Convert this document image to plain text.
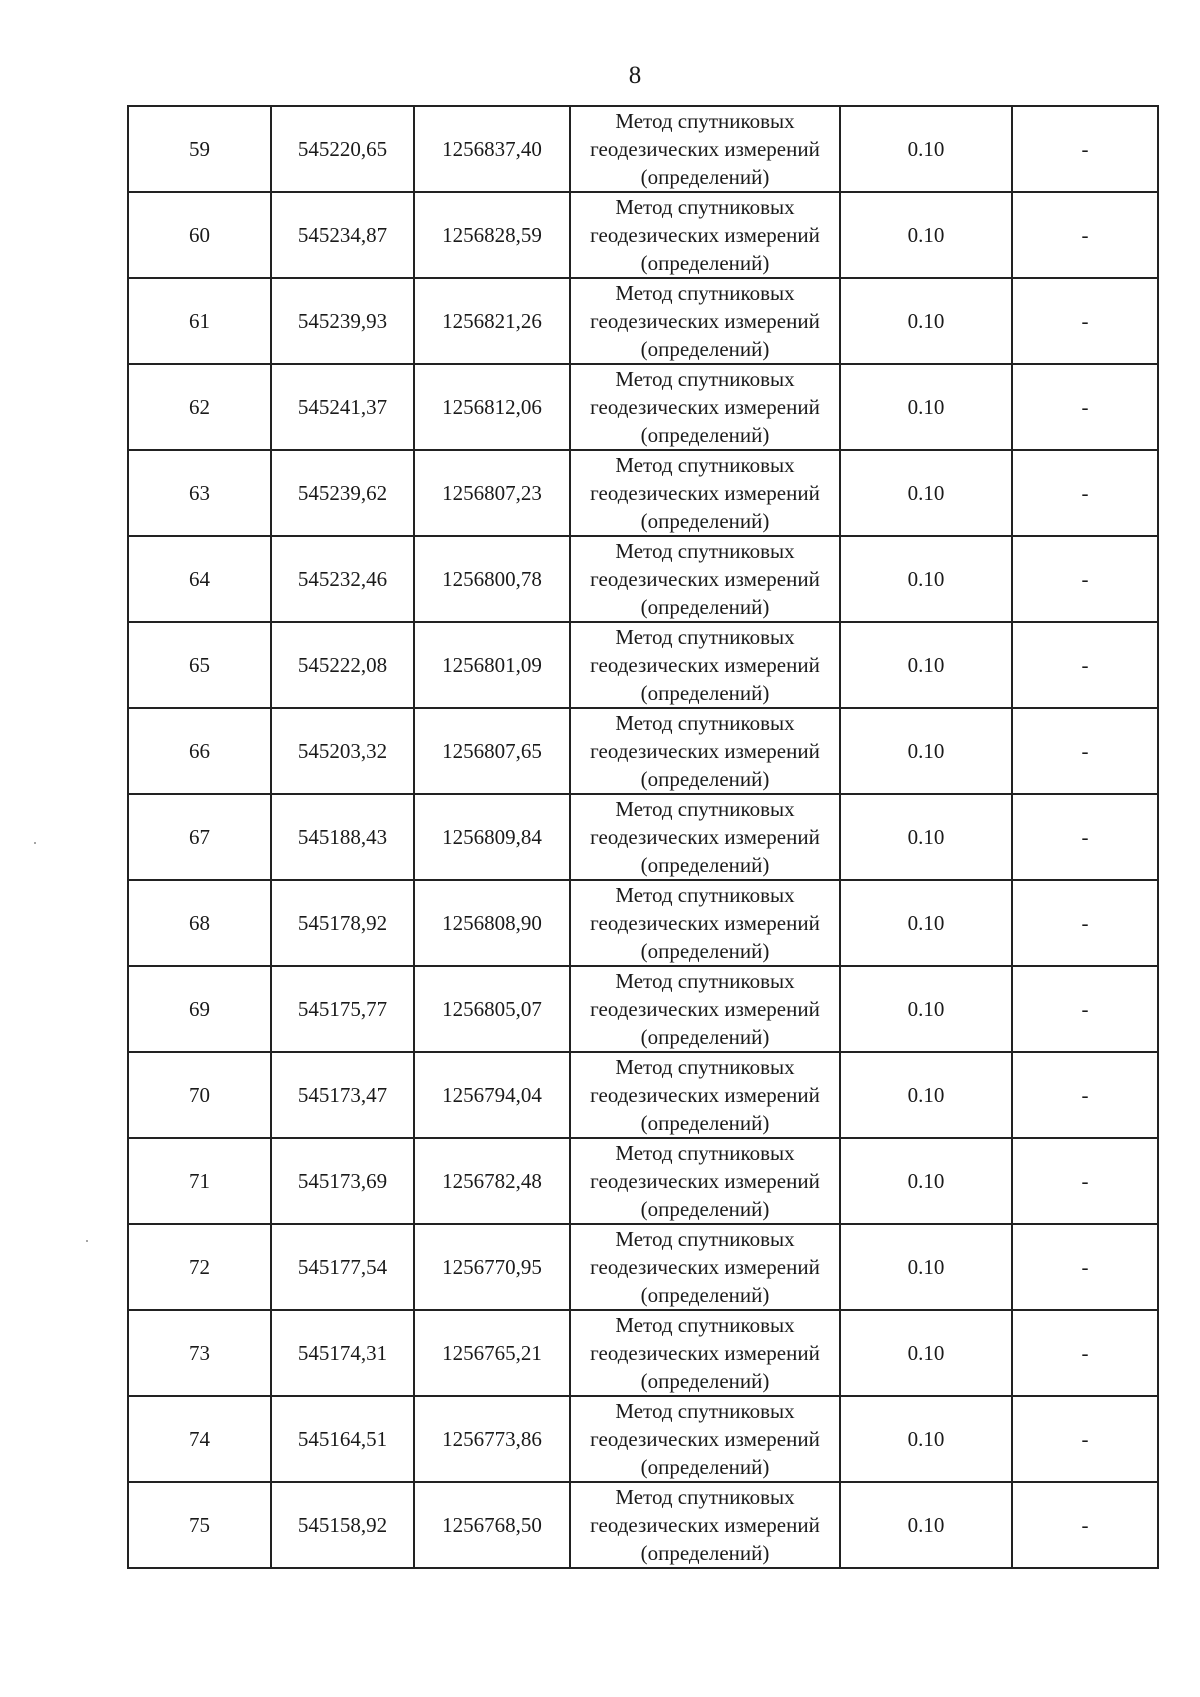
8
59	545220,65	1256837,40	Метод спутниковых
геодезических измерений
(определений)	0.10	-
60	545234,87	1256828,59	Метод спутниковых
геодезических измерений
(определений)	0.10	-
61	545239,93	1256821,26	Метод спутниковых
геодезических измерений
(определений)	0.10	-
62	545241,37	1256812,06	Метод спутниковых
геодезических измерений
(определений)	0.10	-
63	545239,62	1256807,23	Метод спутниковых
геодезических измерений
(определений)	0.10	-
64	545232,46	1256800,78	Метод спутниковых
геодезических измерений
(определений)	0.10	-
65	545222,08	1256801,09	Метод спутниковых
геодезических измерений
(определений)	0.10	-
66	545203,32	1256807,65	Метод спутниковых
геодезических измерений
(определений)	0.10	-
67	545188,43	1256809,84	Метод спутниковых
геодезических измерений
(определений)	0.10	-
68	545178,92	1256808,90	Метод спутниковых
геодезических измерений
(определений)	0.10	-
69	545175,77	1256805,07	Метод спутниковых
геодезических измерений
(определений)	0.10	-
70	545173,47	1256794,04	Метод спутниковых
геодезических измерений
(определений)	0.10	-
71	545173,69	1256782,48	Метод спутниковых
геодезических измерений
(определений)	0.10	-
72	545177,54	1256770,95	Метод спутниковых
геодезических измерений
(определений)	0.10	-
73	545174,31	1256765,21	Метод спутниковых
геодезических измерений
(определений)	0.10	-
74	545164,51	1256773,86	Метод спутниковых
геодезических измерений
(определений)	0.10	-
75	545158,92	1256768,50	Метод спутниковых
геодезических измерений
(определений)	0.10	-
